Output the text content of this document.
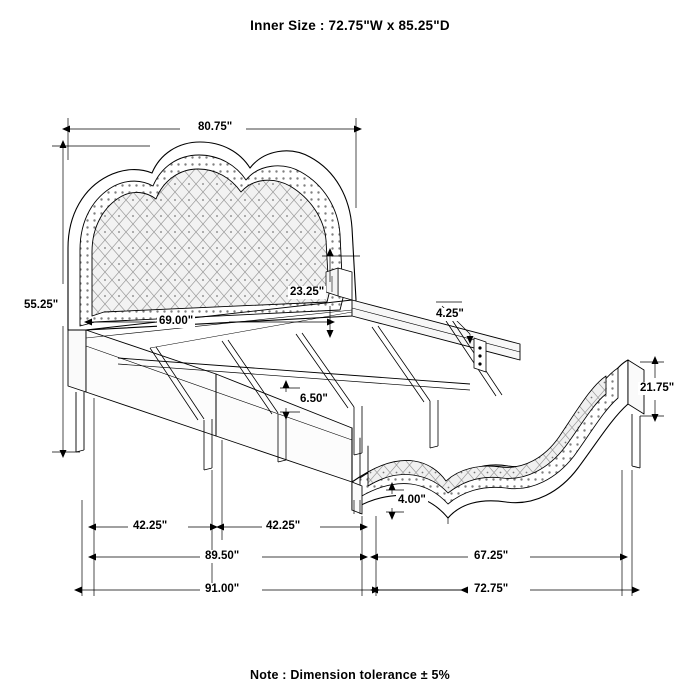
Inner Size : 72.75"W x 85.25"D
80.75"
55.25"
69.00"
23.25"
4.25"
6.50"
21.75"
4.00"
42.25"	42.25"
89.50"	67.25"
91.00"	72.75"
Note : Dimension tolerance ± 5%
